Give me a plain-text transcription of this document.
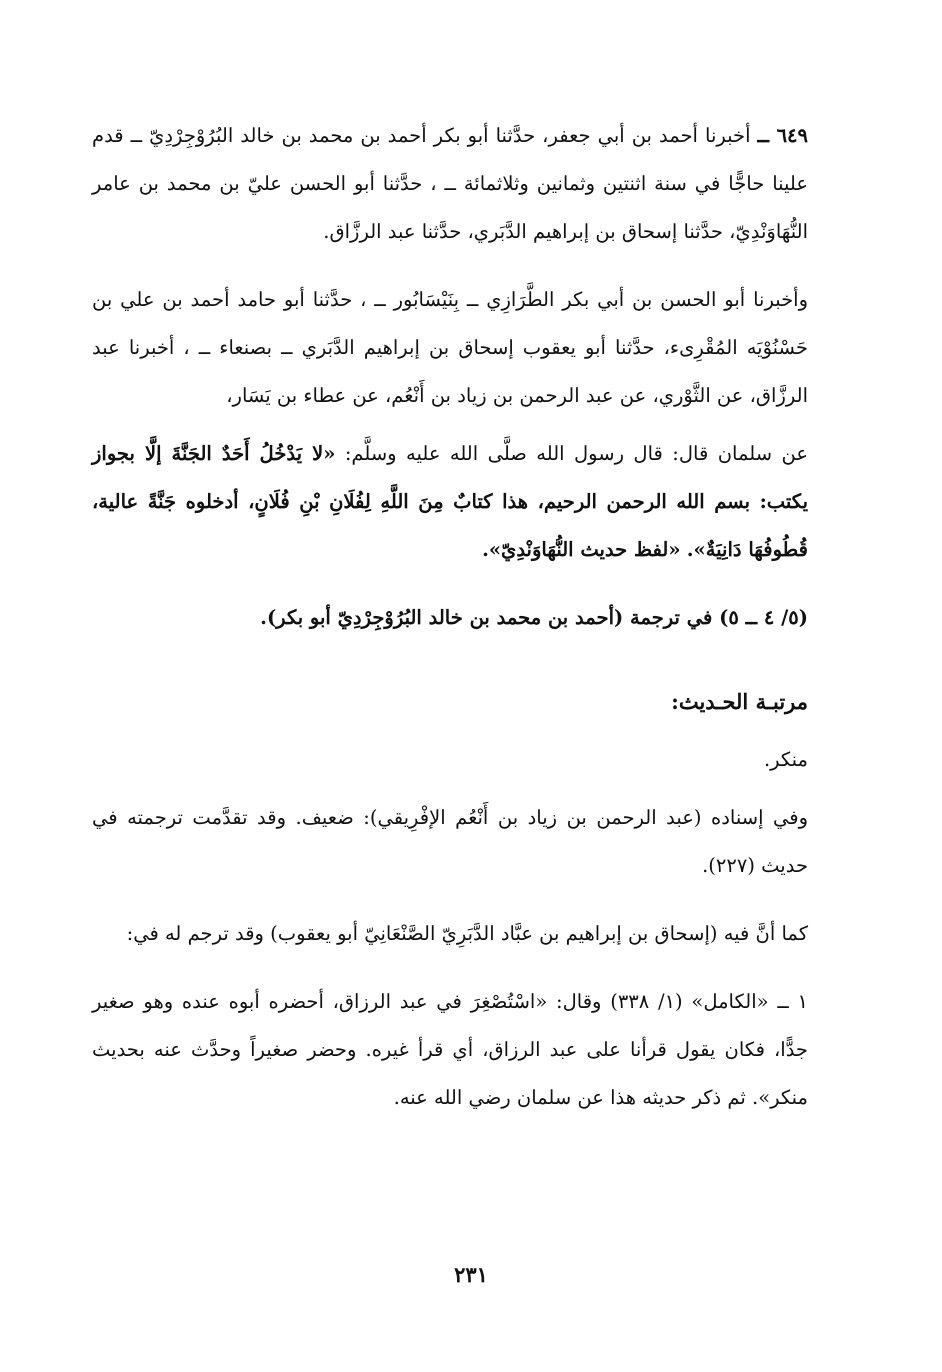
٦٤٩ ــ أخبرنا أحمد بن أبي جعفر، حدَّثنا أبو بكر أحمد بن محمد بن خالد البُرُوْجِرْدِيّ ــ قدم علينا حاجًّا في سنة اثنتين وثمانين وثلاثمائة ــ ، حدَّثنا أبو الحسن عليّ بن محمد بن عامر النُّهَاوَنْدِيّ، حدَّثنا إسحاق بن إبراهيم الدَّبَري، حدَّثنا عبد الرزَّاق.

وأخبرنا أبو الحسن بن أبي بكر الطَّرَازِي ــ بِنَيْسَابُور ــ ، حدَّثنا أبو حامد أحمد بن علي بن حَسْنُوْيَه المُقْرِىء، حدَّثنا أبو يعقوب إسحاق بن إبراهيم الدَّبَري ــ بصنعاء ــ ، أخبرنا عبد الرزَّاق، عن الثَّوْري، عن عبد الرحمن بن زياد بن أَنْعُم، عن عطاء بن يَسَار،

عن سلمان قال: قال رسول الله صلَّى الله عليه وسلَّم: «لا يَدْخُلُ أَحَدٌ الجَنَّةَ إلَّا بجواز يكتب: بسم الله الرحمن الرحيم، هذا كتابٌ مِنَ اللَّهِ لِفُلَانِ بْنِ فُلَانٍ، أدخلوه جَنَّةً عالية، قُطُوفُهَا دَانِيَةٌ». «لفظ حديث النُّهَاوَنْدِيّ».

(٥/ ٤ ــ ٥) في ترجمة (أحمد بن محمد بن خالد البُرُوْجِرْدِيّ أبو بكر).

مرتبـة الحـديث:

منكر.

وفي إسناده (عبد الرحمن بن زياد بن أَنْعُم الإفْرِيقي): ضعيف. وقد تقدَّمت ترجمته في حديث (٢٢٧).

كما أنَّ فيه (إسحاق بن إبراهيم بن عبَّاد الدَّبَرِيّ الصَّنْعَانِيّ أبو يعقوب) وقد ترجم له في:

١ ــ «الكامل» (١/ ٣٣٨) وقال: «اسْتُصْغِرَ في عبد الرزاق، أحضره أبوه عنده وهو صغير جدًّا، فكان يقول قرأنا على عبد الرزاق، أي قرأ غيره. وحضر صغيراً وحدَّث عنه بحديث منكر». ثم ذكر حديثه هذا عن سلمان رضي الله عنه.

٢٣١
